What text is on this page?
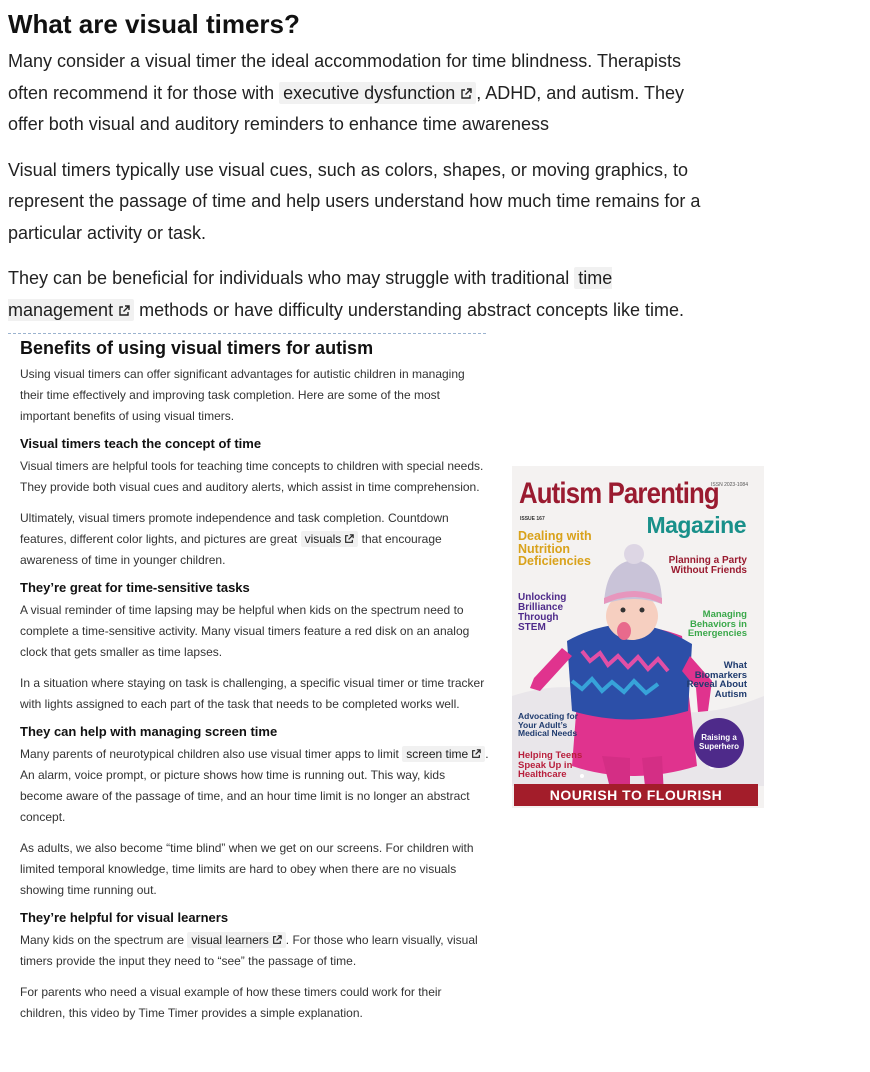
What are visual timers?

Many consider a visual timer the ideal accommodation for time blindness. Therapists often recommend it for those with executive dysfunction , ADHD, and autism. They offer both visual and auditory reminders to enhance time awareness

Visual timers typically use visual cues, such as colors, shapes, or moving graphics, to represent the passage of time and help users understand how much time remains for a particular activity or task.

They can be beneficial for individuals who may struggle with traditional time management
methods or have difficulty understanding abstract concepts like time.

Benefits of using visual timers for autism

Using visual timers can offer significant advantages for autistic children in managing their time effectively and improving task completion. Here are some of the most important benefits of using visual timers.

Visual timers teach the concept of time

Visual timers are helpful tools for teaching time concepts to children with special needs. They provide both visual cues and auditory alerts, which assist in time comprehension.

Ultimately, visual timers promote independence and task completion. Countdown features, different color lights, and pictures are great visuals
that encourage awareness of time in younger children.

They’re great for time-sensitive tasks

A visual reminder of time lapsing may be helpful when kids on the spectrum need to complete a time-sensitive activity. Many visual timers feature a red disk on an analog clock that gets smaller as time lapses.

In a situation where staying on task is challenging, a specific visual timer or time tracker with lights assigned to each part of the task that needs to be completed works well.

They can help with managing screen time

Many parents of neurotypical children also use visual timer apps to limit screen time . An alarm, voice prompt, or picture shows how time is running out. This way, kids become aware of the passage of time, and an hour time limit is no longer an abstract concept.

As adults, we also become “time blind” when we get on our screens. For children with limited temporal knowledge, time limits are hard to obey when there are no visuals showing time running out.

They’re helpful for visual learners

Many kids on the spectrum are visual learners . For those who learn visually, visual timers provide the input they need to “see” the passage of time.

For parents who need a visual example of how these timers could work for their children, this video by Time Timer provides a simple explanation.

ISSN 2023-1084
Autism Parenting
ISSUE 167	Magazine
Dealing with Nutrition Deficiencies	Planning a Party Without Friends
Unlocking Brilliance Through STEM
Managing Behaviors in Emergencies
What Biomarkers Reveal About Autism
Advocating for Your Adult’s Medical Needs
Helping Teens Speak Up in Healthcare
Raising a Superhero
NOURISH TO FLOURISH
